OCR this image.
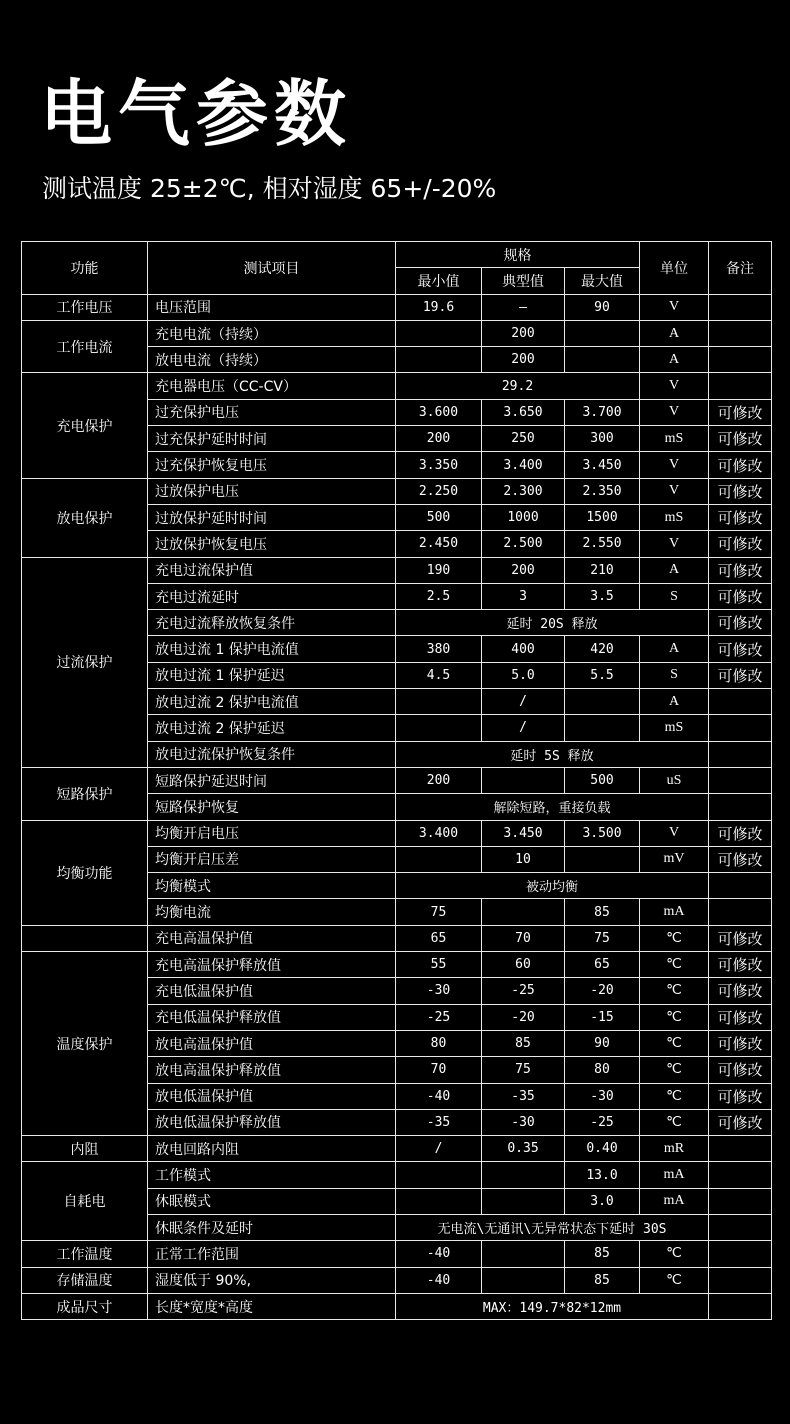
电气参数
测试温度 25±2℃, 相对湿度 65+/-20%
功能	测试项目	规格			单位	备注
		最小值	典型值	最大值		
工作电压	电压范围	19.6	—	90	V	
工作电流	充电电流（持续）		200		A	
	放电电流（持续）		200		A	
充电保护	充电器电压（CC-CV）	29.2			V	
	过充保护电压	3.600	3.650	3.700	V	可修改
	过充保护延时时间	200	250	300	mS	可修改
	过充保护恢复电压	3.350	3.400	3.450	V	可修改
放电保护	过放保护电压	2.250	2.300	2.350	V	可修改
	过放保护延时时间	500	1000	1500	mS	可修改
	过放保护恢复电压	2.450	2.500	2.550	V	可修改
过流保护	充电过流保护值	190	200	210	A	可修改
	充电过流延时	2.5	3	3.5	S	可修改
	充电过流释放恢复条件	延时 20S 释放				可修改
	放电过流 1 保护电流值	380	400	420	A	可修改
	放电过流 1 保护延迟	4.5	5.0	5.5	S	可修改
	放电过流 2 保护电流值		/		A	
	放电过流 2 保护延迟		/		mS	
	放电过流保护恢复条件	延时 5S 释放				
短路保护	短路保护延迟时间	200		500	uS	
	短路保护恢复	解除短路，重接负载				
均衡功能	均衡开启电压	3.400	3.450	3.500	V	可修改
	均衡开启压差		10		mV	可修改
	均衡模式	被动均衡				
	均衡电流	75		85	mA	
	充电高温保护值	65	70	75	℃	可修改
温度保护	充电高温保护释放值	55	60	65	℃	可修改
	充电低温保护值	-30	-25	-20	℃	可修改
	充电低温保护释放值	-25	-20	-15	℃	可修改
	放电高温保护值	80	85	90	℃	可修改
	放电高温保护释放值	70	75	80	℃	可修改
	放电低温保护值	-40	-35	-30	℃	可修改
	放电低温保护释放值	-35	-30	-25	℃	可修改
内阻	放电回路内阻	/	0.35	0.40	mR	
自耗电	工作模式			13.0	mA	
	休眠模式			3.0	mA	
	休眠条件及延时	无电流\无通讯\无异常状态下延时 30S				
工作温度	正常工作范围	-40		85	℃	
存储温度	湿度低于 90%,	-40		85	℃	
成品尺寸	长度*宽度*高度	MAX：149.7*82*12mm				
